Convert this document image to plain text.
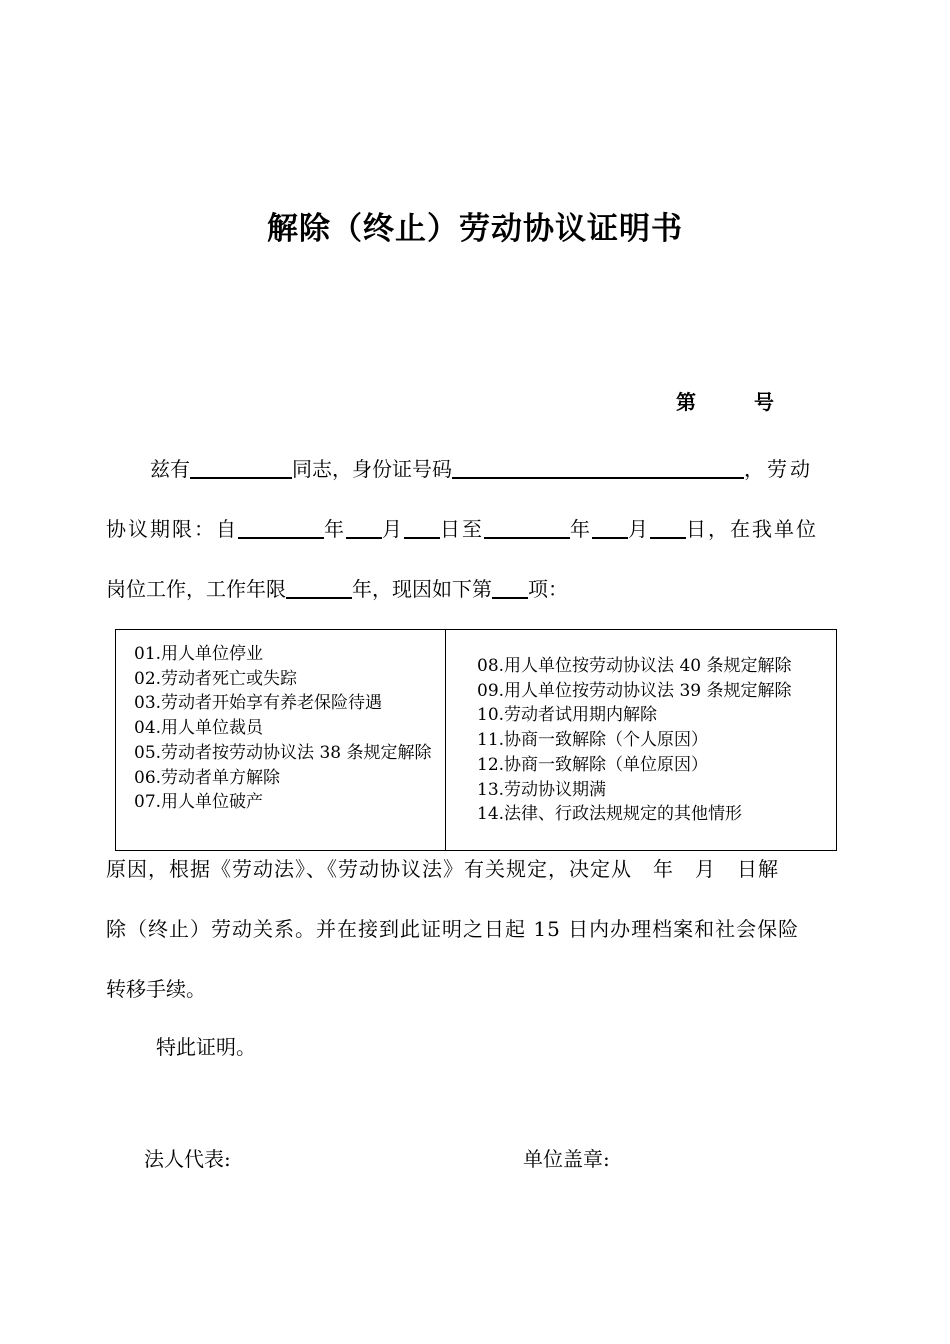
解除（终止）劳动协议证明书
第	号
兹有	同志，身份证号码	，劳动
协议期限：自	年 月 日至	年 月 日，在我单位
岗位工作，工作年限	年，现因如下第 项：
01.用人单位停业
02.劳动者死亡或失踪
03.劳动者开始享有养老保险待遇
04.用人单位裁员
05.劳动者按劳动协议法 38 条规定解除
06.劳动者单方解除
07.用人单位破产
08.用人单位按劳动协议法 40 条规定解除
09.用人单位按劳动协议法 39 条规定解除
10.劳动者试用期内解除
11.协商一致解除（个人原因）
12.协商一致解除（单位原因）
13.劳动协议期满
14.法律、行政法规规定的其他情形
原因，根据《劳动法》、《劳动协议法》有关规定，决定从　年　月　日解
除（终止）劳动关系。并在接到此证明之日起 15 日内办理档案和社会保险
转移手续。
特此证明。
法人代表:	单位盖章:
